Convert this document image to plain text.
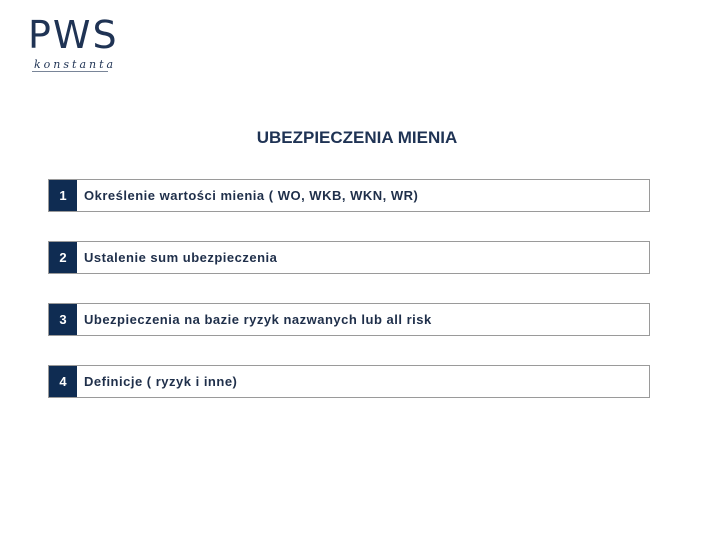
PWS
konstanta
UBEZPIECZENIA MIENIA
1	Określenie wartości mienia ( WO, WKB, WKN, WR)
2	Ustalenie sum ubezpieczenia
3	Ubezpieczenia na bazie ryzyk nazwanych lub all risk
4	Definicje ( ryzyk i inne)
